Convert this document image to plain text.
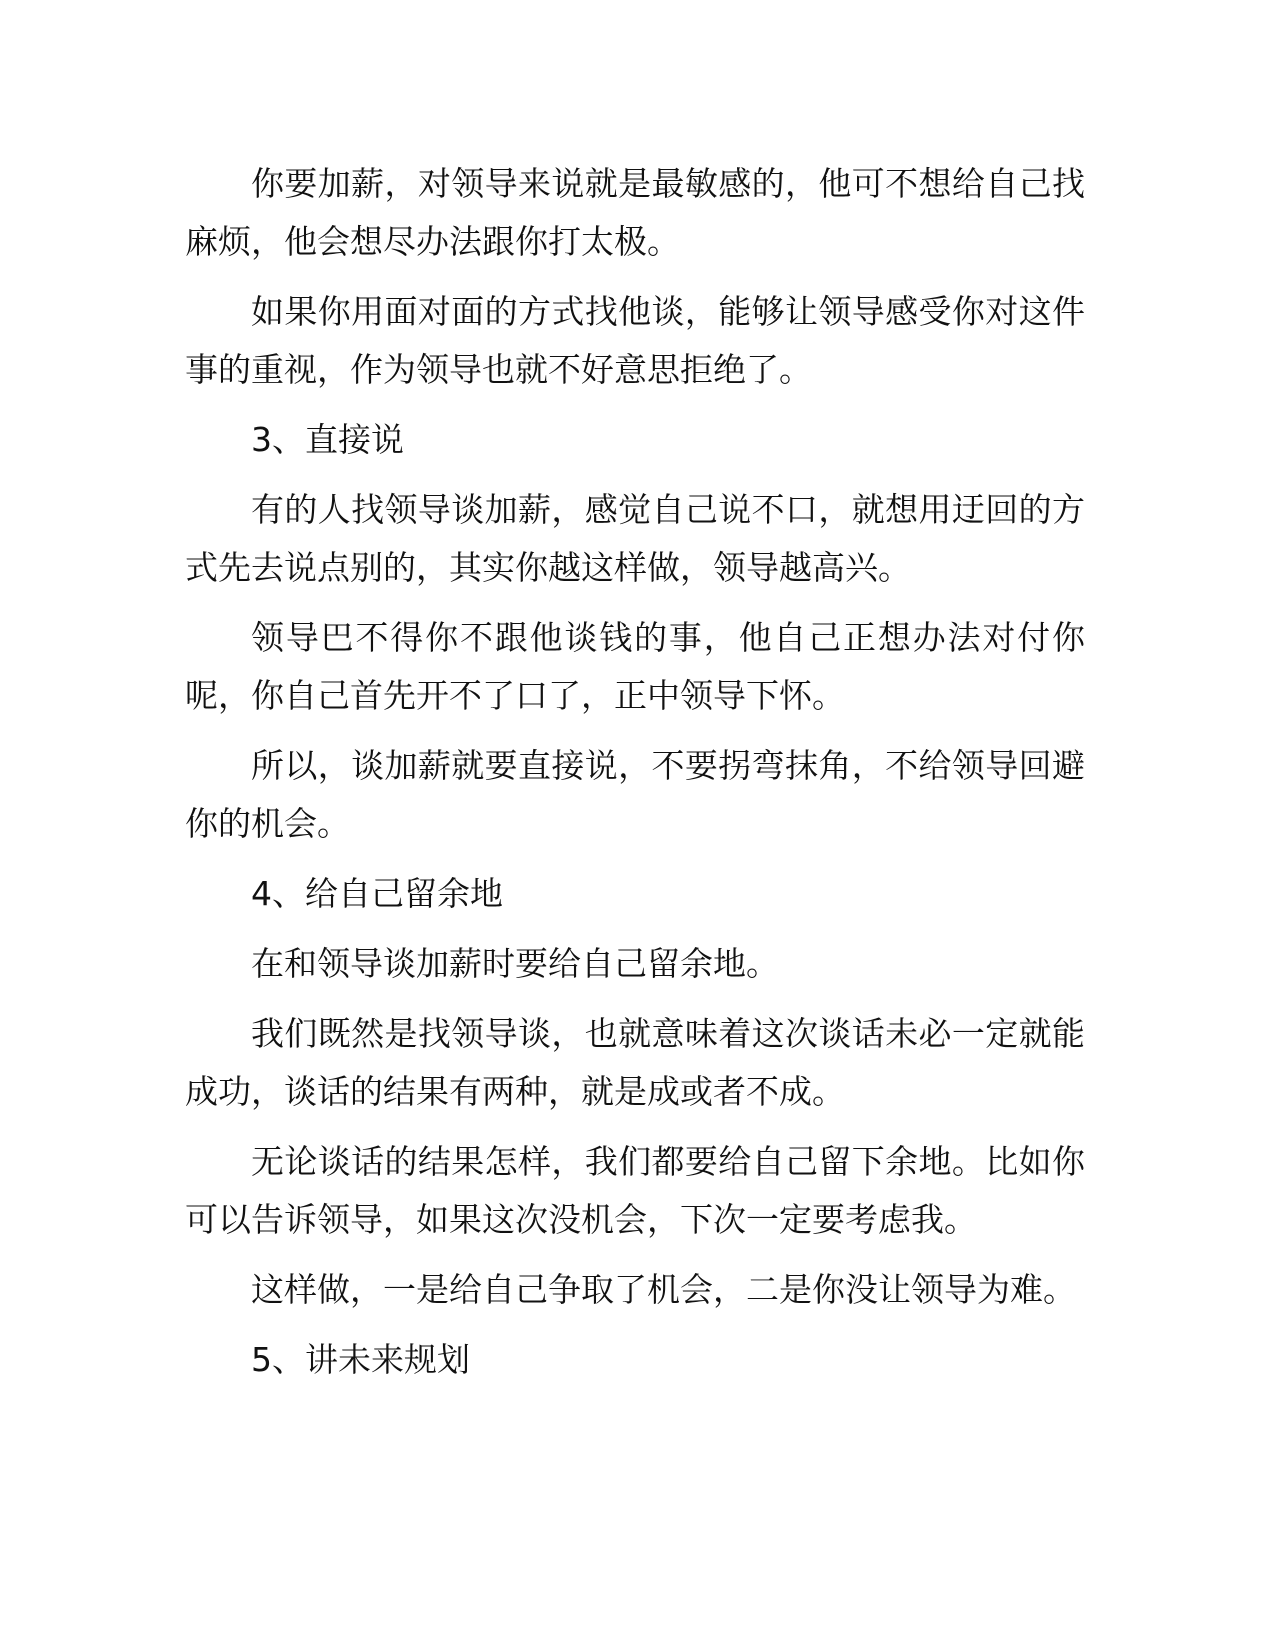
你要加薪，对领导来说就是最敏感的，他可不想给自己找麻烦，他会想尽办法跟你打太极。

如果你用面对面的方式找他谈，能够让领导感受你对这件事的重视，作为领导也就不好意思拒绝了。

3、直接说

有的人找领导谈加薪，感觉自己说不口，就想用迂回的方式先去说点别的，其实你越这样做，领导越高兴。

领导巴不得你不跟他谈钱的事，他自己正想办法对付你呢，你自己首先开不了口了，正中领导下怀。

所以，谈加薪就要直接说，不要拐弯抹角，不给领导回避你的机会。

4、给自己留余地

在和领导谈加薪时要给自己留余地。

我们既然是找领导谈，也就意味着这次谈话未必一定就能成功，谈话的结果有两种，就是成或者不成。

无论谈话的结果怎样，我们都要给自己留下余地。比如你可以告诉领导，如果这次没机会，下次一定要考虑我。

这样做，一是给自己争取了机会，二是你没让领导为难。

5、讲未来规划
